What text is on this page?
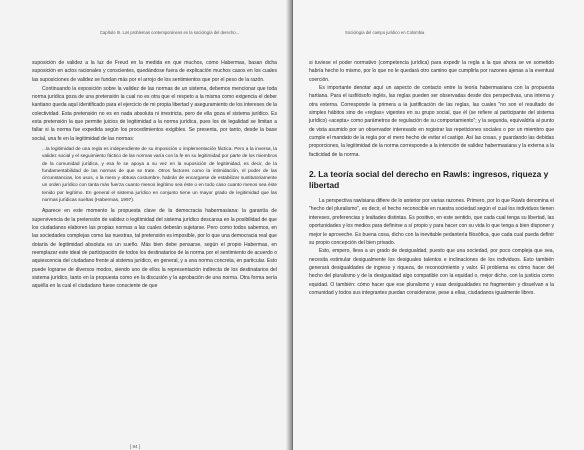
Capítulo III. Los problemas contemporáneos en la sociología del derecho...

suposición de validez a la luz de Freud en la medida en que muchos, como Habermas, basan dicha suposición en actos racionales y conscientes, quedándose fuera de explicación muchos casos en los cuales las suposiciones de validez se fundan más por el arrojo de los sentimientos que por el peso de la razón.

Continuando la exposición sobre la validez de las normas de un sistema, debemos mencionar que toda norma jurídica goza de una pretensión la cual no es otra que el respeto a la misma como exigencia el deber kantiano queda aquí identificado para el ejercicio de mi propia libertad y aseguramiento de los intereses de la colectividad. Esta pretensión no es en nada absoluta ni irrestricta, pero de ella goza el sistema jurídico. Es esta pretensión la que permite juicios de legitimidad a la norma jurídica, pues los de legalidad se limitan a fallar si la norma fue expedida según los procedimientos exigibles. Se presenta, por tanto, desde la base social, una fe en la legitimidad de las normas:

...la legitimidad de una regla es independiente de su imposición o implementación fáctica. Pero a la inversa, la validez social y el seguimiento fáctico de las normas varía con la fe en su legitimidad por parte de los miembros de la comunidad jurídica, y esa fe se apoya a su vez en la suposición de legitimidad, es decir, de la fundamentabilidad de las normas de que se trate. Otros factores como la intimidación, el poder de las circunstancias, los usos, o la mera y obtusa costumbre, habrán de encargarse de estabilizar sustitutoriamente un orden jurídico con tanta más fuerza cuanto menos legítimo sea éste o en todo caso cuanto menos sea éste tenido por legítimo. En general el sistema jurídico en conjunto tiene un mayor grado de legitimidad que las normas jurídicas sueltas (Habermas, 1997).

Aparece en este momento la propuesta clave de la democracia habermasiana: la garantía de supervivencia de la pretensión de validez o legitimidad del sistema jurídico descansa en la posibilidad de que los ciudadanos elaboren las propias normas a las cuales deberán sujetarse. Pero como todos sabemos, en las sociedades complejas como las nuestras, tal pretensión es imposible, por lo que una democracia real que dotaría de legitimidad absoluta es un sueño. Más bien debe pensarse, según el propio Habermas, en reemplazar este ideal de participación de todos los destinatarios de la norma por el sentimiento de acuerdo o aquiescencia del ciudadano frente al sistema jurídico, en general, y a una norma concreta, en particular. Esto puede lograrse de diversos modos, siendo uno de ellos la representación indirecta de los destinatarios del sistema jurídico, tanto en la propuesta como en la discusión y la aprobación de una norma. Otra forma sería aquélla en la cual el ciudadano fuese consciente de que

[ 94 ]
Sociología del campo jurídico en Colombia

si tuviese el poder normativo (competencia jurídica) para expedir la regla a la que ahora se ve sometido habría hecho lo mismo, por lo que no le quedará otro camino que cumplirla por razones ajenas a la eventual coerción.

Es importante denotar aquí un aspecto de contacto entre la teoría habermasiana con la propuesta hartiana. Para el iusfilósofo inglés, las reglas pueden ser observadas desde dos perspectivas, una interna y otra externa. Corresponde la primera a la justificación de las reglas, las cuales "no son el resultado de simples hábitos sino de «reglas» vigentes en su grupo social, que él (se refiere al participante del sistema jurídico) «acepta» como parámetros de regulación de su comportamiento"; y la segunda, equivaldría al punto de vista asumido por un observador interesado en registrar las repeticiones sociales o por un miembro que cumple el mandato de la regla por el mero hecho de evitar el castigo. Así las cosas, y guardando las debidas proporciones, la legitimidad de la norma corresponde a la intención de validez habermasiana y la externa a la facticidad de la norma.

2. La teoría social del derecho en Rawls: ingresos, riqueza y libertad

La perspectiva rawlsiana difiere de lo anterior por varias razones. Primero, por lo que Rawls denomina el "hecho del pluralismo", es decir, el hecho reconocible en nuestra sociedad según el cual los individuos tienen intereses, preferencias y lealtades distintas. Es positivo, en este sentido, que cada cual tenga su libertad, las oportunidades y los medios para definirse a sí propio y para hacer con su vida lo que tenga a bien disponer y mejor le aproveche. Es buena cosa, dicho con la inevitable pedantería filosófica, que cada cual pueda definir su propio concepción del bien privado.

Esto, empero, lleva a un grado de desigualdad, puesto que una sociedad, por poco compleja que sea, necesita estimular desigualmente los desiguales talentos e inclinaciones de los individuos. Esto también generará desigualdades de ingreso y riqueza, de reconocimiento y valor. El problema es cómo hacer del hecho del pluralismo y de la desigualdad algo compatible con la equidad o, mejor dicho, con la justicia como equidad. O también: cómo hacer que ese pluralismo y esas desigualdades no fragmenten y disuelvan a la comunidad y todos sus integrantes puedan considerarse, pese a ellas, ciudadanos igualmente libres.
